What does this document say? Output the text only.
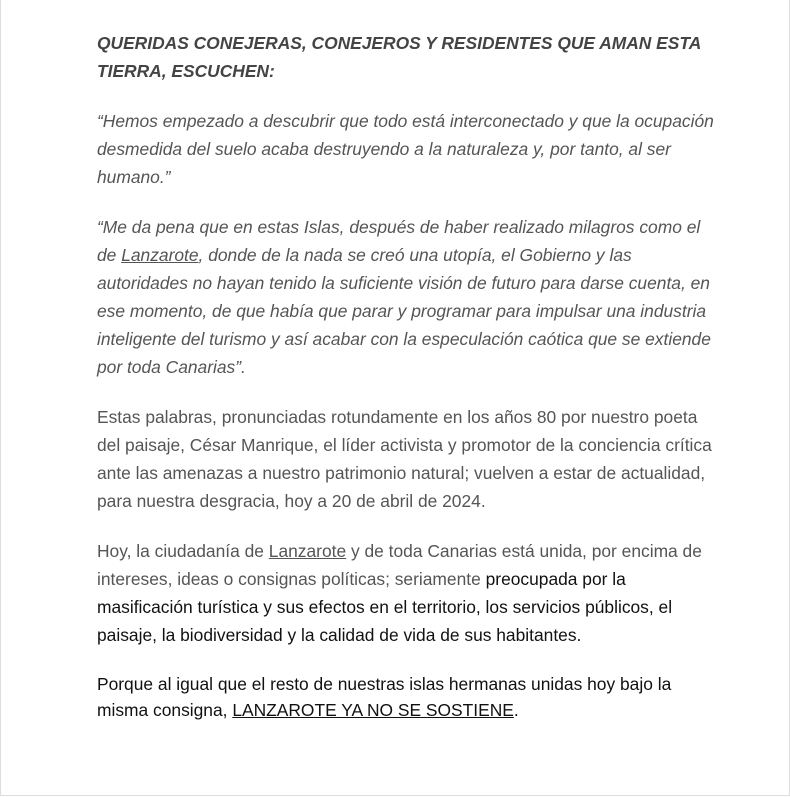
QUERIDAS CONEJERAS, CONEJEROS Y RESIDENTES QUE AMAN ESTA TIERRA, ESCUCHEN:

“Hemos empezado a descubrir que todo está interconectado y que la ocupación desmedida del suelo acaba destruyendo a la naturaleza y, por tanto, al ser humano.”

“Me da pena que en estas Islas, después de haber realizado milagros como el de Lanzarote, donde de la nada se creó una utopía, el Gobierno y las autoridades no hayan tenido la suficiente visión de futuro para darse cuenta, en ese momento, de que había que parar y programar para impulsar una industria inteligente del turismo y así acabar con la especulación caótica que se extiende por toda Canarias”.

Estas palabras, pronunciadas rotundamente en los años 80 por nuestro poeta del paisaje, César Manrique, el líder activista y promotor de la conciencia crítica ante las amenazas a nuestro patrimonio natural; vuelven a estar de actualidad, para nuestra desgracia, hoy a 20 de abril de 2024.

Hoy, la ciudadanía de Lanzarote y de toda Canarias está unida, por encima de intereses, ideas o consignas políticas; seriamente preocupada por la masificación turística y sus efectos en el territorio, los servicios públicos, el paisaje, la biodiversidad y la calidad de vida de sus habitantes.

Porque al igual que el resto de nuestras islas hermanas unidas hoy bajo la misma consigna, LANZAROTE YA NO SE SOSTIENE.
